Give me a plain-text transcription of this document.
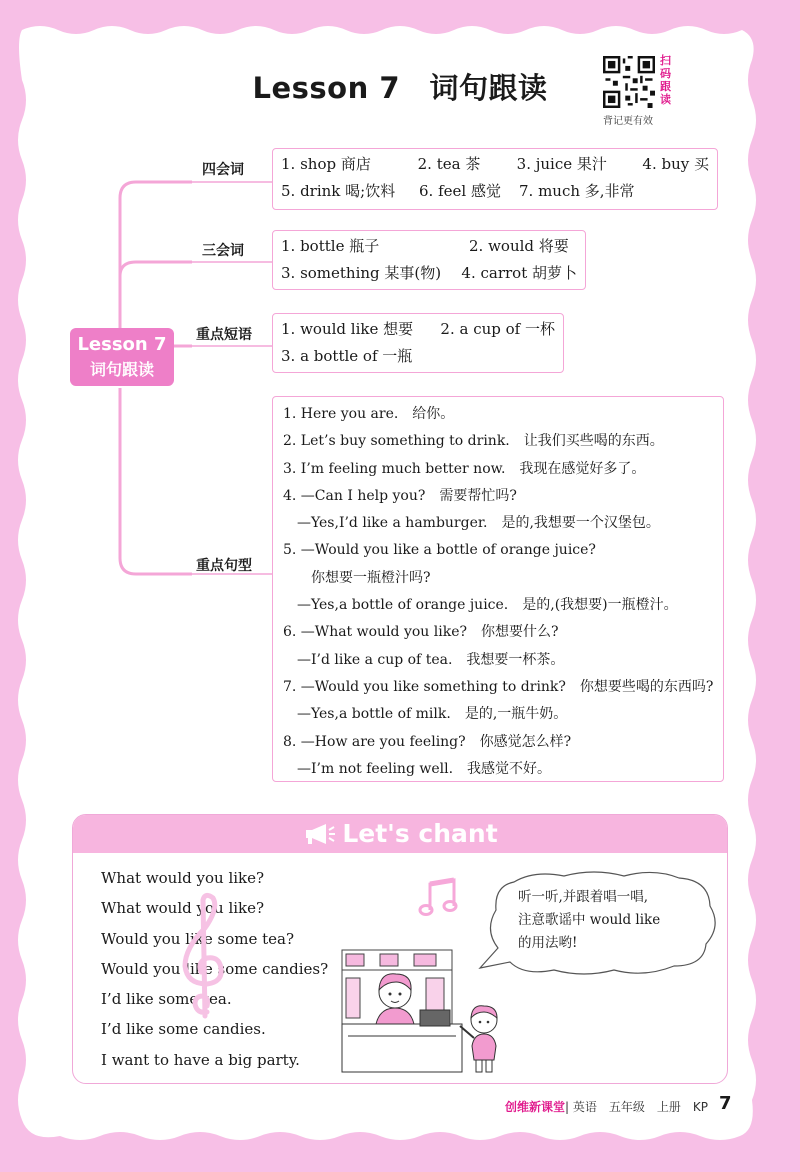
Lesson 7　词句跟读
扫
码
跟
读
背记更有效
Lesson 7
词句跟读
四会词 1. shop 商店	2. tea 茶	3. juice 果汁	4. buy 买
5. drink 喝;饮料	6. feel 感觉	7. much 多,非常
三会词 1. bottle 瓶子	2. would 将要
3. something 某事(物)	4. carrot 胡萝卜
重点短语 1. would like 想要	2. a cup of 一杯
3. a bottle of 一瓶
重点句型
1. Here you are.　给你。
2. Let’s buy something to drink.　让我们买些喝的东西。
3. I’m feeling much better now.　我现在感觉好多了。
4. —Can I help you?　需要帮忙吗?
　—Yes,I’d like a hamburger.　是的,我想要一个汉堡包。
5. —Would you like a bottle of orange juice?
　　你想要一瓶橙汁吗?
　—Yes,a bottle of orange juice.　是的,(我想要)一瓶橙汁。
6. —What would you like?　你想要什么?
　—I’d like a cup of tea.　我想要一杯茶。
7. —Would you like something to drink?　你想要些喝的东西吗?
　—Yes,a bottle of milk.　是的,一瓶牛奶。
8. —How are you feeling?　你感觉怎么样?
　—I’m not feeling well.　我感觉不好。
Let's chant
What would you like?
What would you like?
Would you like some tea?
Would you like some candies?
I’d like some tea.
I’d like some candies.
I want to have a big party.
听一听,并跟着唱一唱,
注意歌谣中 would like
的用法哟!
创维新课堂| 英语　五年级　上册　KP 7
